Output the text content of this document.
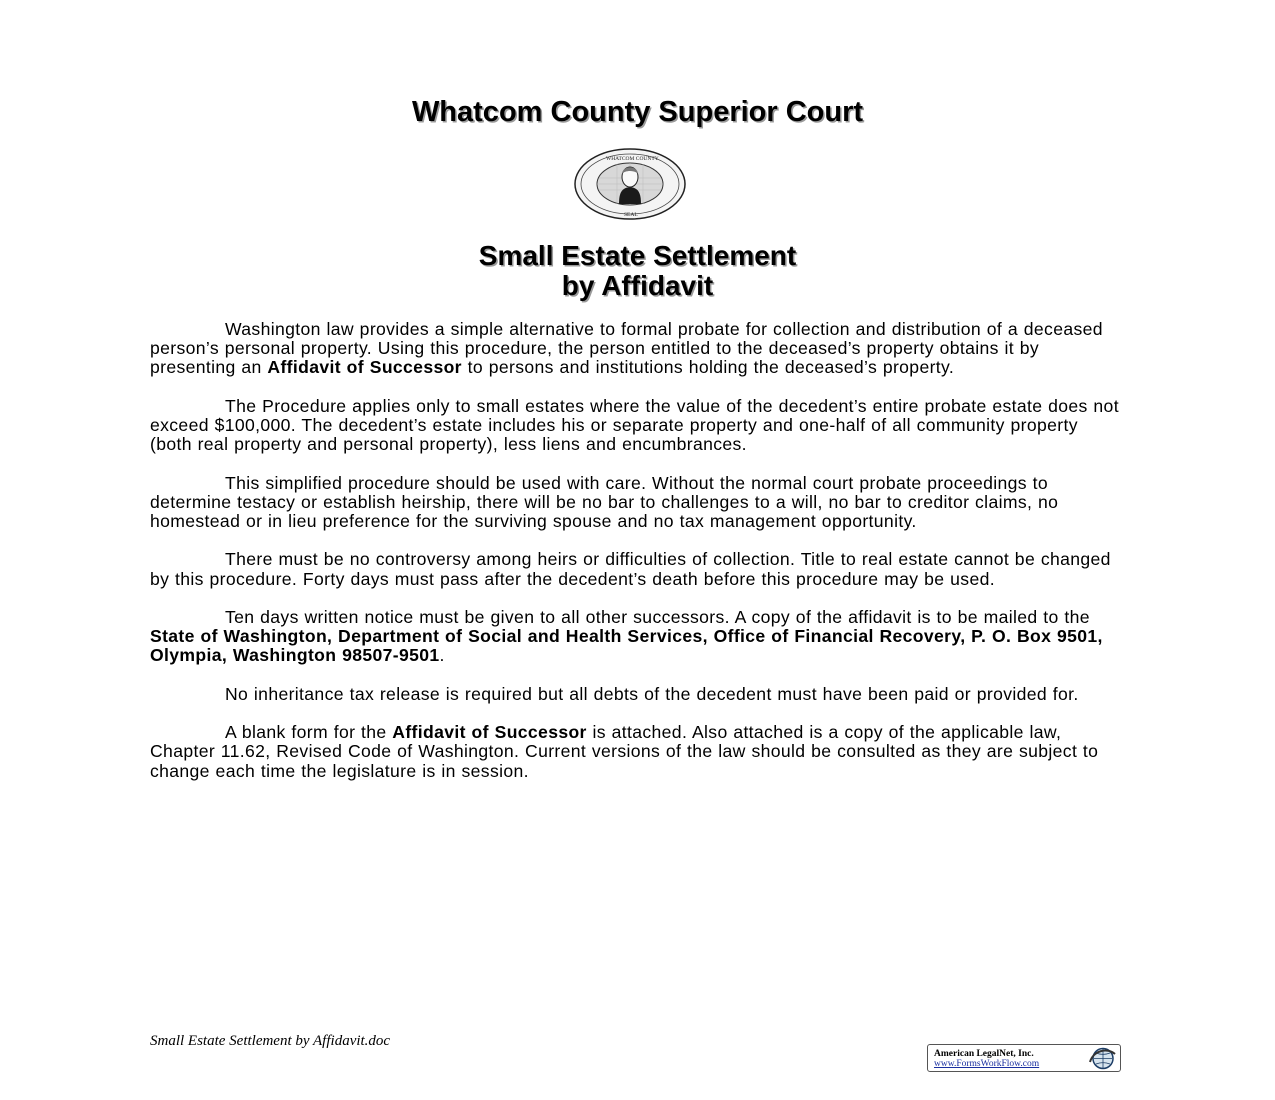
Whatcom County Superior Court
WHATCOM COUNTY
SEAL
Small Estate Settlement
by Affidavit

Washington law provides a simple alternative to formal probate for collection and distribution of a deceased person’s personal property. Using this procedure, the person entitled to the deceased’s property obtains it by presenting an Affidavit of Successor to persons and institutions holding the deceased’s property.

The Procedure applies only to small estates where the value of the decedent’s entire probate estate does not exceed $100,000. The decedent’s estate includes his or separate property and one-half of all community property (both real property and personal property), less liens and encumbrances.

This simplified procedure should be used with care. Without the normal court probate proceedings to determine testacy or establish heirship, there will be no bar to challenges to a will, no bar to creditor claims, no homestead or in lieu preference for the surviving spouse and no tax management opportunity.

There must be no controversy among heirs or difficulties of collection. Title to real estate cannot be changed by this procedure. Forty days must pass after the decedent’s death before this procedure may be used.

Ten days written notice must be given to all other successors. A copy of the affidavit is to be mailed to the State of Washington, Department of Social and Health Services, Office of Financial Recovery, P. O. Box 9501, Olympia, Washington 98507-9501.

No inheritance tax release is required but all debts of the decedent must have been paid or provided for.

A blank form for the Affidavit of Successor is attached. Also attached is a copy of the applicable law, Chapter 11.62, Revised Code of Washington. Current versions of the law should be consulted as they are subject to change each time the legislature is in session.

Small Estate Settlement by Affidavit.doc
American LegalNet, Inc.
www.FormsWorkFlow.com
